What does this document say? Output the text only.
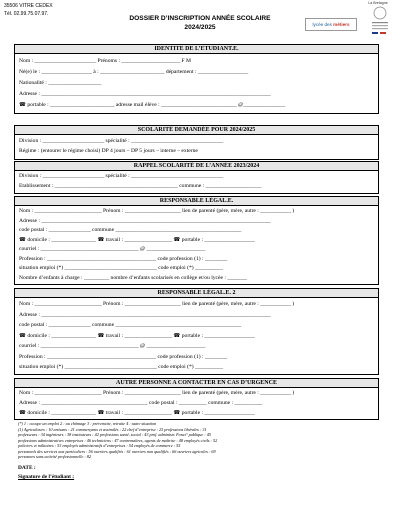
35506 VITRE CEDEX
Tél. 02.99.75.07.97.
DOSSIER D’INSCRIPTION ANNÉE SCOLAIRE
2024/2025	lycée des métiers
La Bretagne
IDENTITE DE L’ETUDIANT.E.
Nom : ______________________ Prénoms : _____________________ F M
Né(e) le : __________________ à : _______________________ département : __________________
Nationalité : ___________________
Adresse : __________________________________________________________________________________
☎ portable : _______________________ adresse mail élève : ___________________________ @_______________
SCOLARITÉ DEMANDÉE POUR 2024/2025
Division : ______________________ spécialité : _________________________________
Régime : (entourer le régime choisi) DP 4 jours – DP 5 jours – interne – externe
RAPPEL SCOLARITÉ DE L’ANNÉE 2023/2024
Division : ______________________ spécialité : _________________________________
Etablissement : ____________________________________________ commune : ____________________
RESPONSABLE LÉGAL.E.
Nom : ________________________ Prénom : ____________________ lien de parenté (père, mère, autre : ___________ )
Adresse : __________________________________________________________________________________
code postal : _______________ commune _____________________________________________
☎ domicile : ________________ ☎ travail : _________________ ☎ portable : __________________
courriel : ___________________________________ @ _____________________
Profession : _______________________________________ code profession (1) : ________
situation emploi (*) _________________________________ code emploi (*) __________
Nombre d’enfants à charge : _________ nombre d’enfants scolarisés en collège et/ou lycée : _______
RESPONSABLE LÉGAL.E. 2
Nom : ________________________ Prénom : ____________________ lien de parenté (père, mère, autre : ___________ )
Adresse : __________________________________________________________________________________
code postal : _______________ commune _____________________________________________
☎ domicile : ________________ ☎ travail : _________________ ☎ portable : __________________
courriel : ___________________________________ @ _____________________
Profession : _______________________________________ code profession (1) : ________
situation emploi (*) _________________________________ code emploi (*) __________
AUTRE PERSONNE A CONTACTER EN CAS D’URGENCE
Nom : ________________________ Prénom : ____________________ lien de parenté (père, mère, autre : ___________ )
Adresse : ______________________________________ code postal : __________ commune : __________
☎ domicile : ________________ ☎ travail : _________________ ☎ portable : __________________
(*) 1 : occupe un emploi 2 : au chômage 3 : préretraite, retraite 4 : autre situation
(1) Agriculteurs : 10 artisans : 21 commerçants et assimilés : 22 chef d’entreprise : 23 professions libérales : 31
professeurs : 34 ingénieurs : 38 instituteurs : 42 professions santé, social : 43 prof. administr. Fonct° publique : 45
professions administratives entreprises : 46 techniciens : 47 contremaîtres, agents de maîtrise : 48 employés civils : 52
policiers et militaires : 53 employés administratifs d’entreprises : 54 employés de commerce : 55
personnels des services aux particuliers : 56 ouvriers qualifiés : 61 ouvriers non qualifiés : 66 ouvriers agricoles : 69
personnes sans activité professionnelle : 82
DATE :
Signature de l’étudiant :
